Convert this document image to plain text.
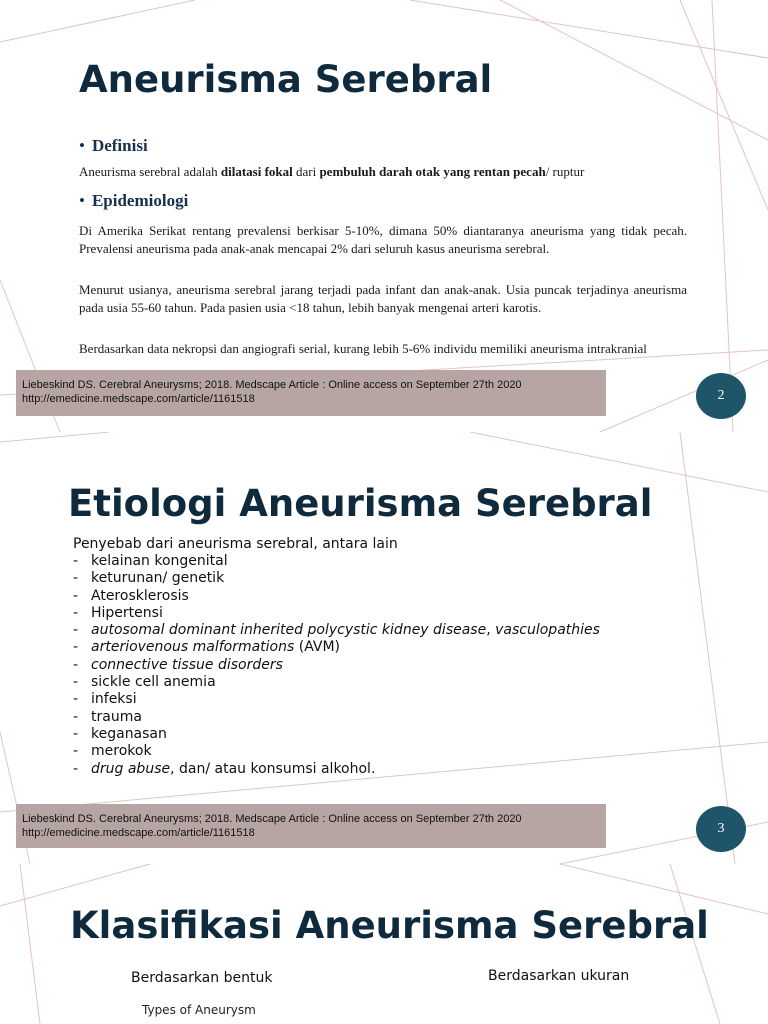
Aneurisma Serebral
• Definisi
Aneurisma serebral adalah dilatasi fokal dari pembuluh darah otak yang rentan pecah/ ruptur
• Epidemiologi

Di Amerika Serikat rentang prevalensi berkisar 5-10%, dimana 50% diantaranya aneurisma yang tidak pecah. Prevalensi aneurisma pada anak-anak mencapai 2% dari seluruh kasus aneurisma serebral.

Menurut usianya, aneurisma serebral jarang terjadi pada infant dan anak-anak. Usia puncak terjadinya aneurisma pada usia 55-60 tahun. Pada pasien usia <18 tahun, lebih banyak mengenai arteri karotis.

Berdasarkan data nekropsi dan angiografi serial, kurang lebih 5-6% individu memiliki aneurisma intrakranial

Liebeskind DS. Cerebral Aneurysms; 2018. Medscape Article : Online access on September 27th 2020
http://emedicine.medscape.com/article/1161518	2
Etiologi Aneurisma Serebral
Penyebab dari aneurisma serebral, antara lain
- kelainan kongenital
- keturunan/ genetik
- Aterosklerosis
- Hipertensi
- autosomal dominant inherited polycystic kidney disease, vasculopathies
- arteriovenous malformations (AVM)
- connective tissue disorders
- sickle cell anemia
- infeksi
- trauma
- keganasan
- merokok
- drug abuse, dan/ atau konsumsi alkohol.
Liebeskind DS. Cerebral Aneurysms; 2018. Medscape Article : Online access on September 27th 2020
http://emedicine.medscape.com/article/1161518	3
Klasifikasi Aneurisma Serebral
Berdasarkan bentuk	Berdasarkan ukuran
Types of Aneurysm
